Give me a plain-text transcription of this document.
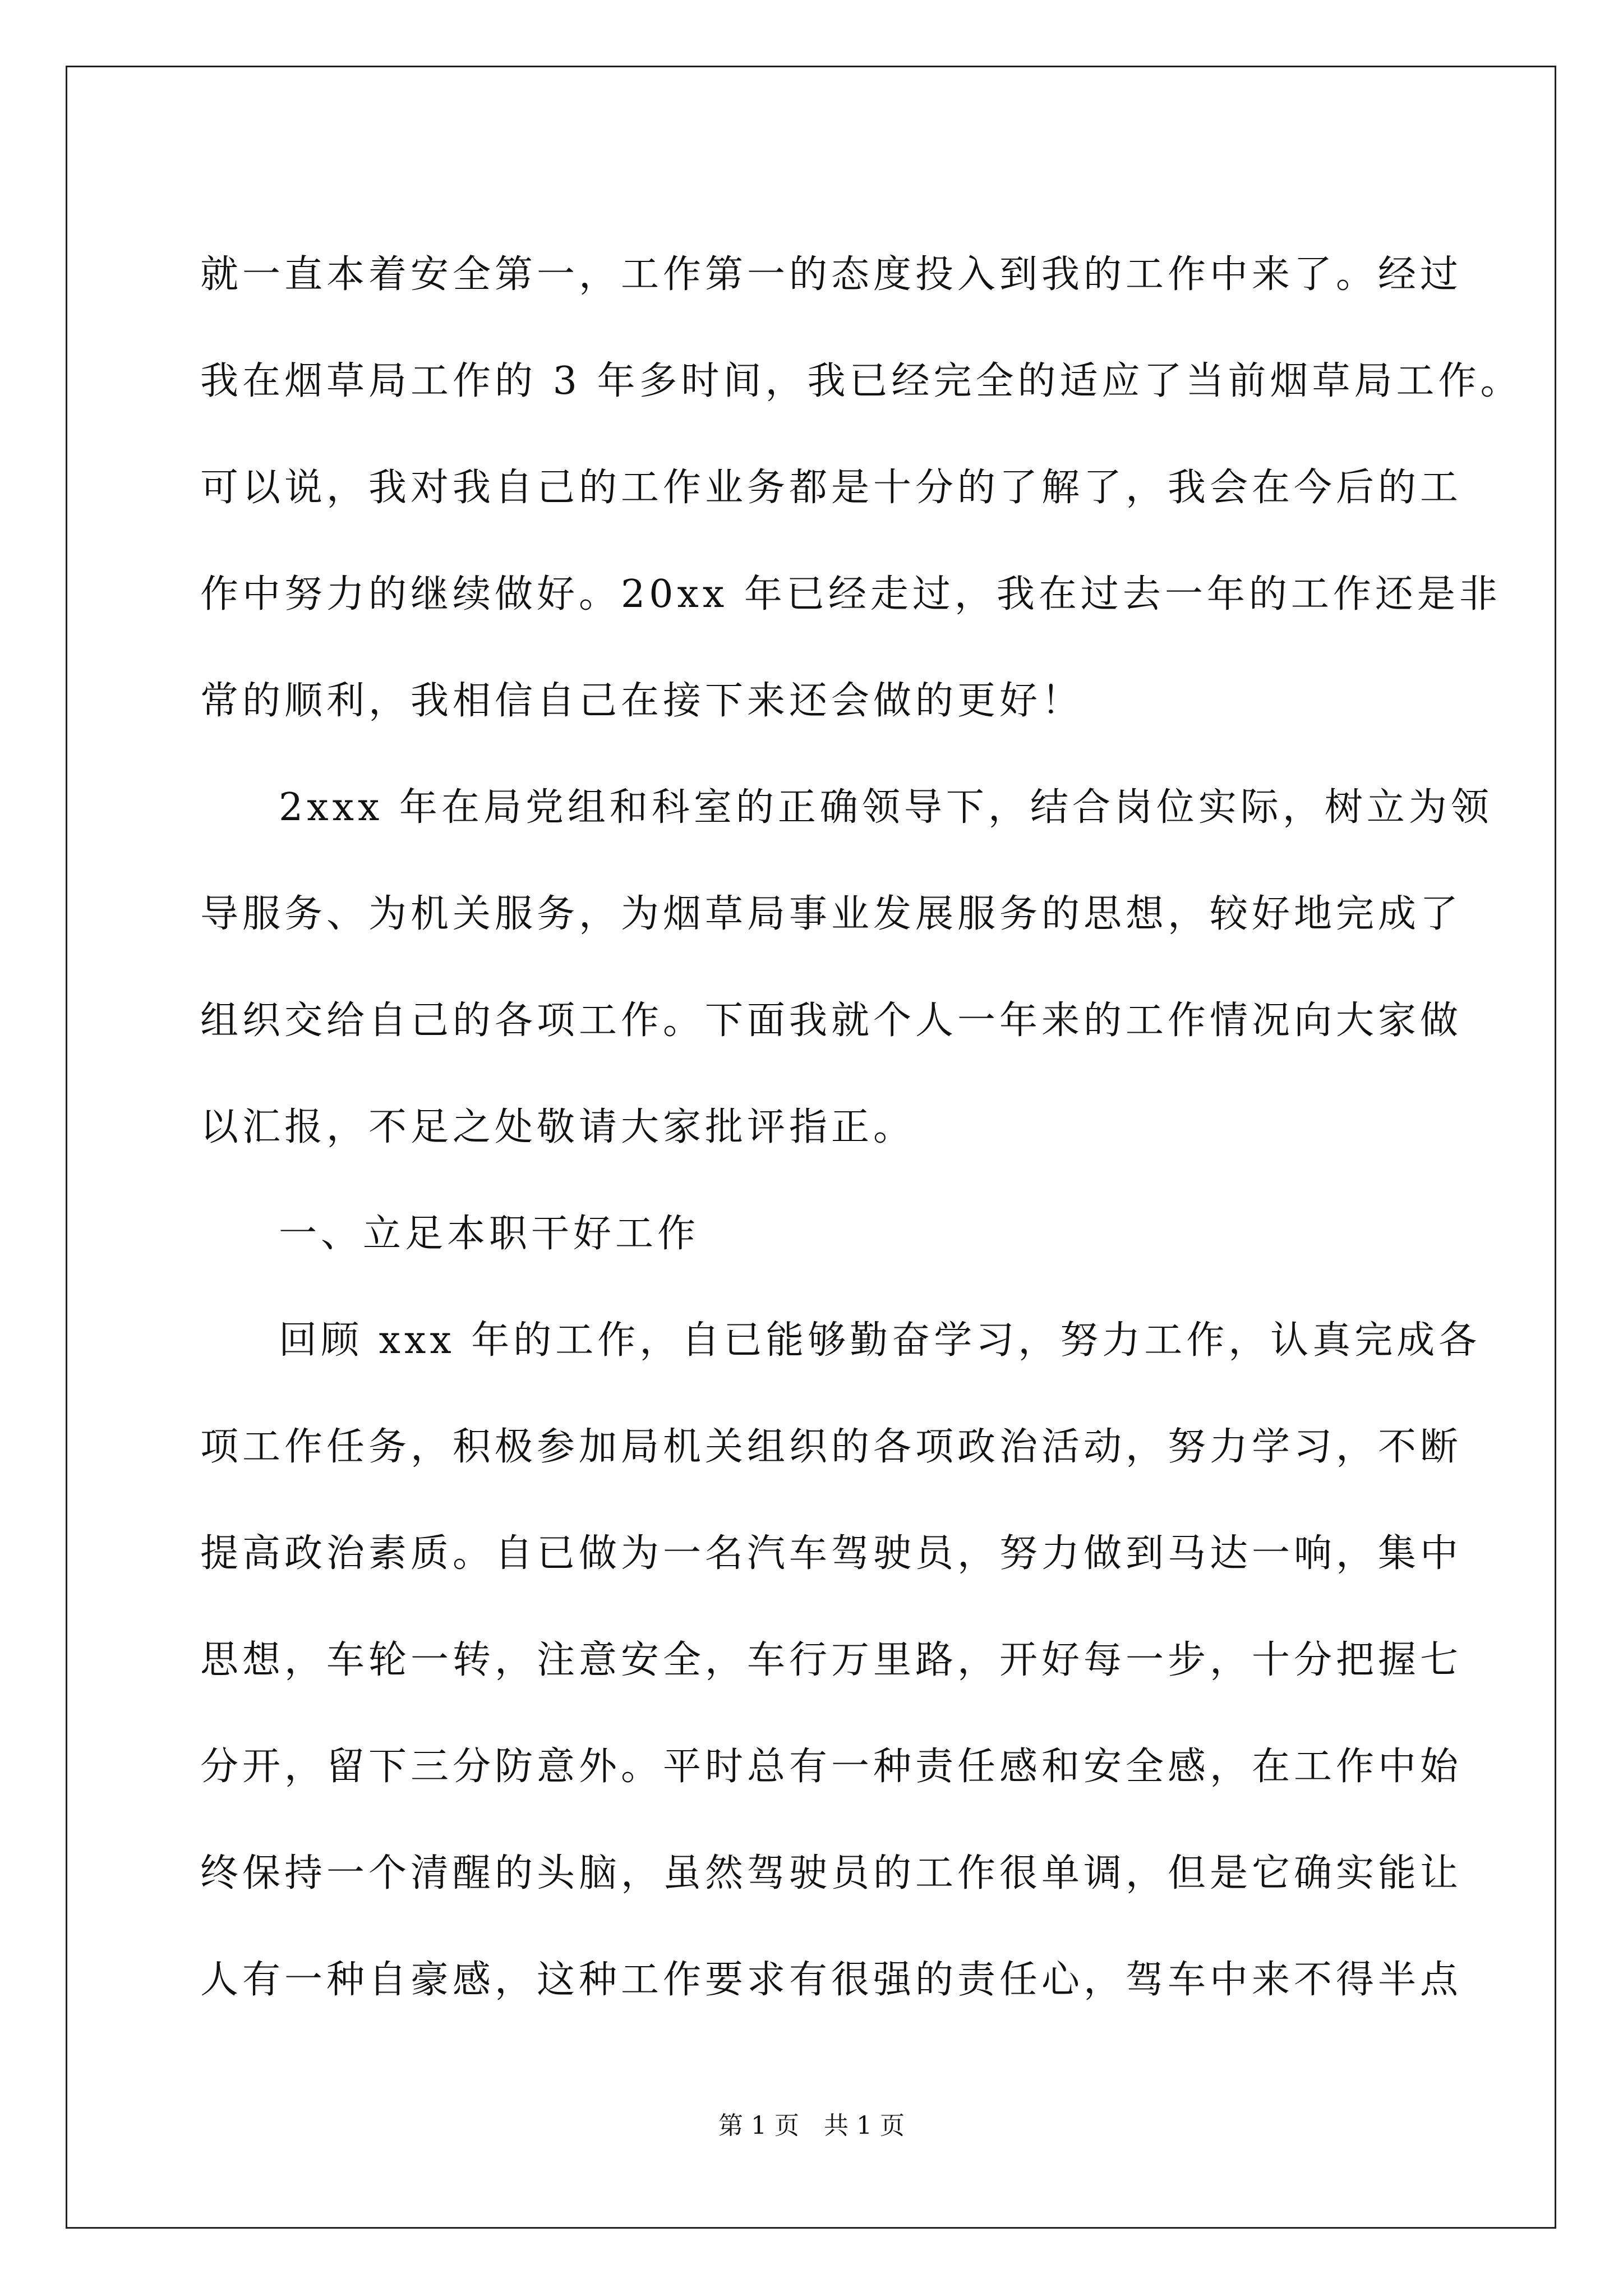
就一直本着安全第一，工作第一的态度投入到我的工作中来了。经过
我在烟草局工作的 3 年多时间，我已经完全的适应了当前烟草局工作。
可以说，我对我自己的工作业务都是十分的了解了，我会在今后的工
作中努力的继续做好。20xx 年已经走过，我在过去一年的工作还是非
常的顺利，我相信自己在接下来还会做的更好！
2xxx 年在局党组和科室的正确领导下，结合岗位实际，树立为领
导服务、为机关服务，为烟草局事业发展服务的思想，较好地完成了
组织交给自己的各项工作。下面我就个人一年来的工作情况向大家做
以汇报，不足之处敬请大家批评指正。
一、立足本职干好工作
回顾 xxx 年的工作，自已能够勤奋学习，努力工作，认真完成各
项工作任务，积极参加局机关组织的各项政治活动，努力学习，不断
提高政治素质。自已做为一名汽车驾驶员，努力做到马达一响，集中
思想，车轮一转，注意安全，车行万里路，开好每一步，十分把握七
分开，留下三分防意外。平时总有一种责任感和安全感，在工作中始
终保持一个清醒的头脑，虽然驾驶员的工作很单调，但是它确实能让
人有一种自豪感，这种工作要求有很强的责任心，驾车中来不得半点
第 1 页　共 1 页
